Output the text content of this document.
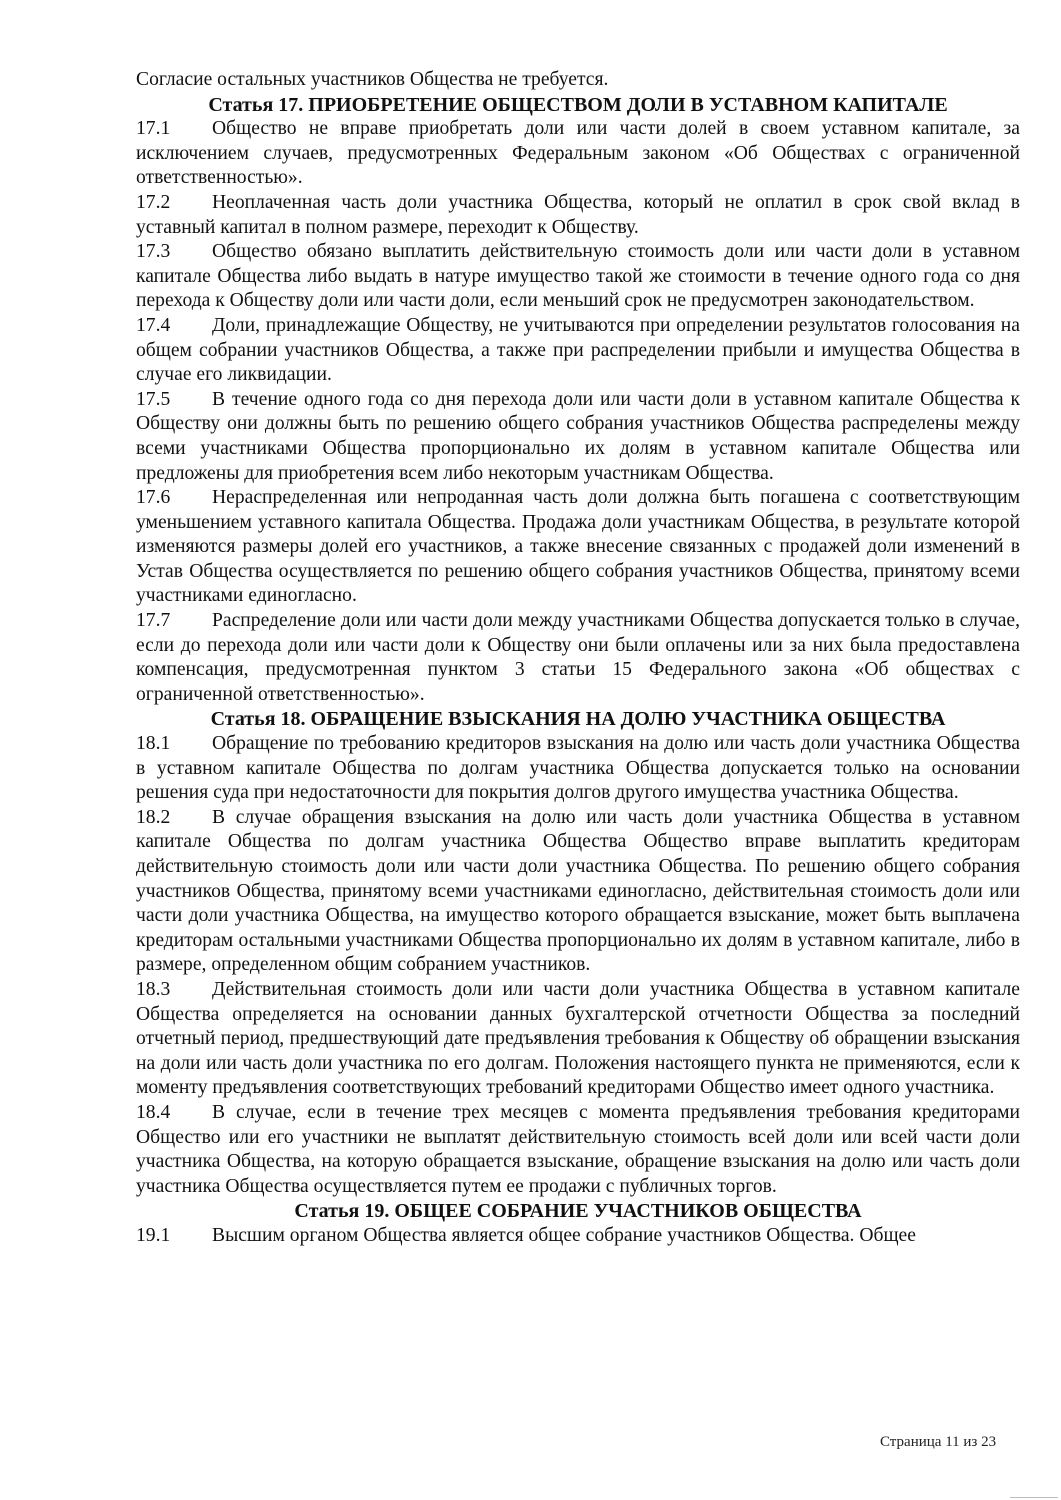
Согласие остальных участников Общества не требуется.
Статья 17. ПРИОБРЕТЕНИЕ ОБЩЕСТВОМ ДОЛИ В УСТАВНОМ КАПИТАЛЕ

17.1 Общество не вправе приобретать доли или части долей в своем уставном капитале, за исключением случаев, предусмотренных Федеральным законом «Об Обществах с ограниченной ответственностью».

17.2 Неоплаченная часть доли участника Общества, который не оплатил в срок свой вклад в уставный капитал в полном размере, переходит к Обществу.

17.3 Общество обязано выплатить действительную стоимость доли или части доли в уставном капитале Общества либо выдать в натуре имущество такой же стоимости в течение одного года со дня перехода к Обществу доли или части доли, если меньший срок не предусмотрен законодательством.

17.4 Доли, принадлежащие Обществу, не учитываются при определении результатов голосования на общем собрании участников Общества, а также при распределении прибыли и имущества Общества в случае его ликвидации.

17.5 В течение одного года со дня перехода доли или части доли в уставном капитале Общества к Обществу они должны быть по решению общего собрания участников Общества распределены между всеми участниками Общества пропорционально их долям в уставном капитале Общества или предложены для приобретения всем либо некоторым участникам Общества.

17.6 Нераспределенная или непроданная часть доли должна быть погашена с соответствующим уменьшением уставного капитала Общества. Продажа доли участникам Общества, в результате которой изменяются размеры долей его участников, а также внесение связанных с продажей доли изменений в Устав Общества осуществляется по решению общего собрания участников Общества, принятому всеми участниками единогласно.

17.7 Распределение доли или части доли между участниками Общества допускается только в случае, если до перехода доли или части доли к Обществу они были оплачены или за них была предоставлена компенсация, предусмотренная пунктом 3 статьи 15 Федерального закона «Об обществах с ограниченной ответственностью».

Статья 18. ОБРАЩЕНИЕ ВЗЫСКАНИЯ НА ДОЛЮ УЧАСТНИКА ОБЩЕСТВА

18.1 Обращение по требованию кредиторов взыскания на долю или часть доли участника Общества в уставном капитале Общества по долгам участника Общества допускается только на основании решения суда при недостаточности для покрытия долгов другого имущества участника Общества.

18.2 В случае обращения взыскания на долю или часть доли участника Общества в уставном капитале Общества по долгам участника Общества Общество вправе выплатить кредиторам действительную стоимость доли или части доли участника Общества. По решению общего собрания участников Общества, принятому всеми участниками единогласно, действительная стоимость доли или части доли участника Общества, на имущество которого обращается взыскание, может быть выплачена кредиторам остальными участниками Общества пропорционально их долям в уставном капитале, либо в размере, определенном общим собранием участников.

18.3 Действительная стоимость доли или части доли участника Общества в уставном капитале Общества определяется на основании данных бухгалтерской отчетности Общества за последний отчетный период, предшествующий дате предъявления требования к Обществу об обращении взыскания на доли или часть доли участника по его долгам. Положения настоящего пункта не применяются, если к моменту предъявления соответствующих требований кредиторами Общество имеет одного участника.

18.4 В случае, если в течение трех месяцев с момента предъявления требования кредиторами Общество или его участники не выплатят действительную стоимость всей доли или всей части доли участника Общества, на которую обращается взыскание, обращение взыскания на долю или часть доли участника Общества осуществляется путем ее продажи с публичных торгов.

Статья 19. ОБЩЕЕ СОБРАНИЕ УЧАСТНИКОВ ОБЩЕСТВА

19.1 Высшим органом Общества является общее собрание участников Общества. Общее

Страница 11 из 23
